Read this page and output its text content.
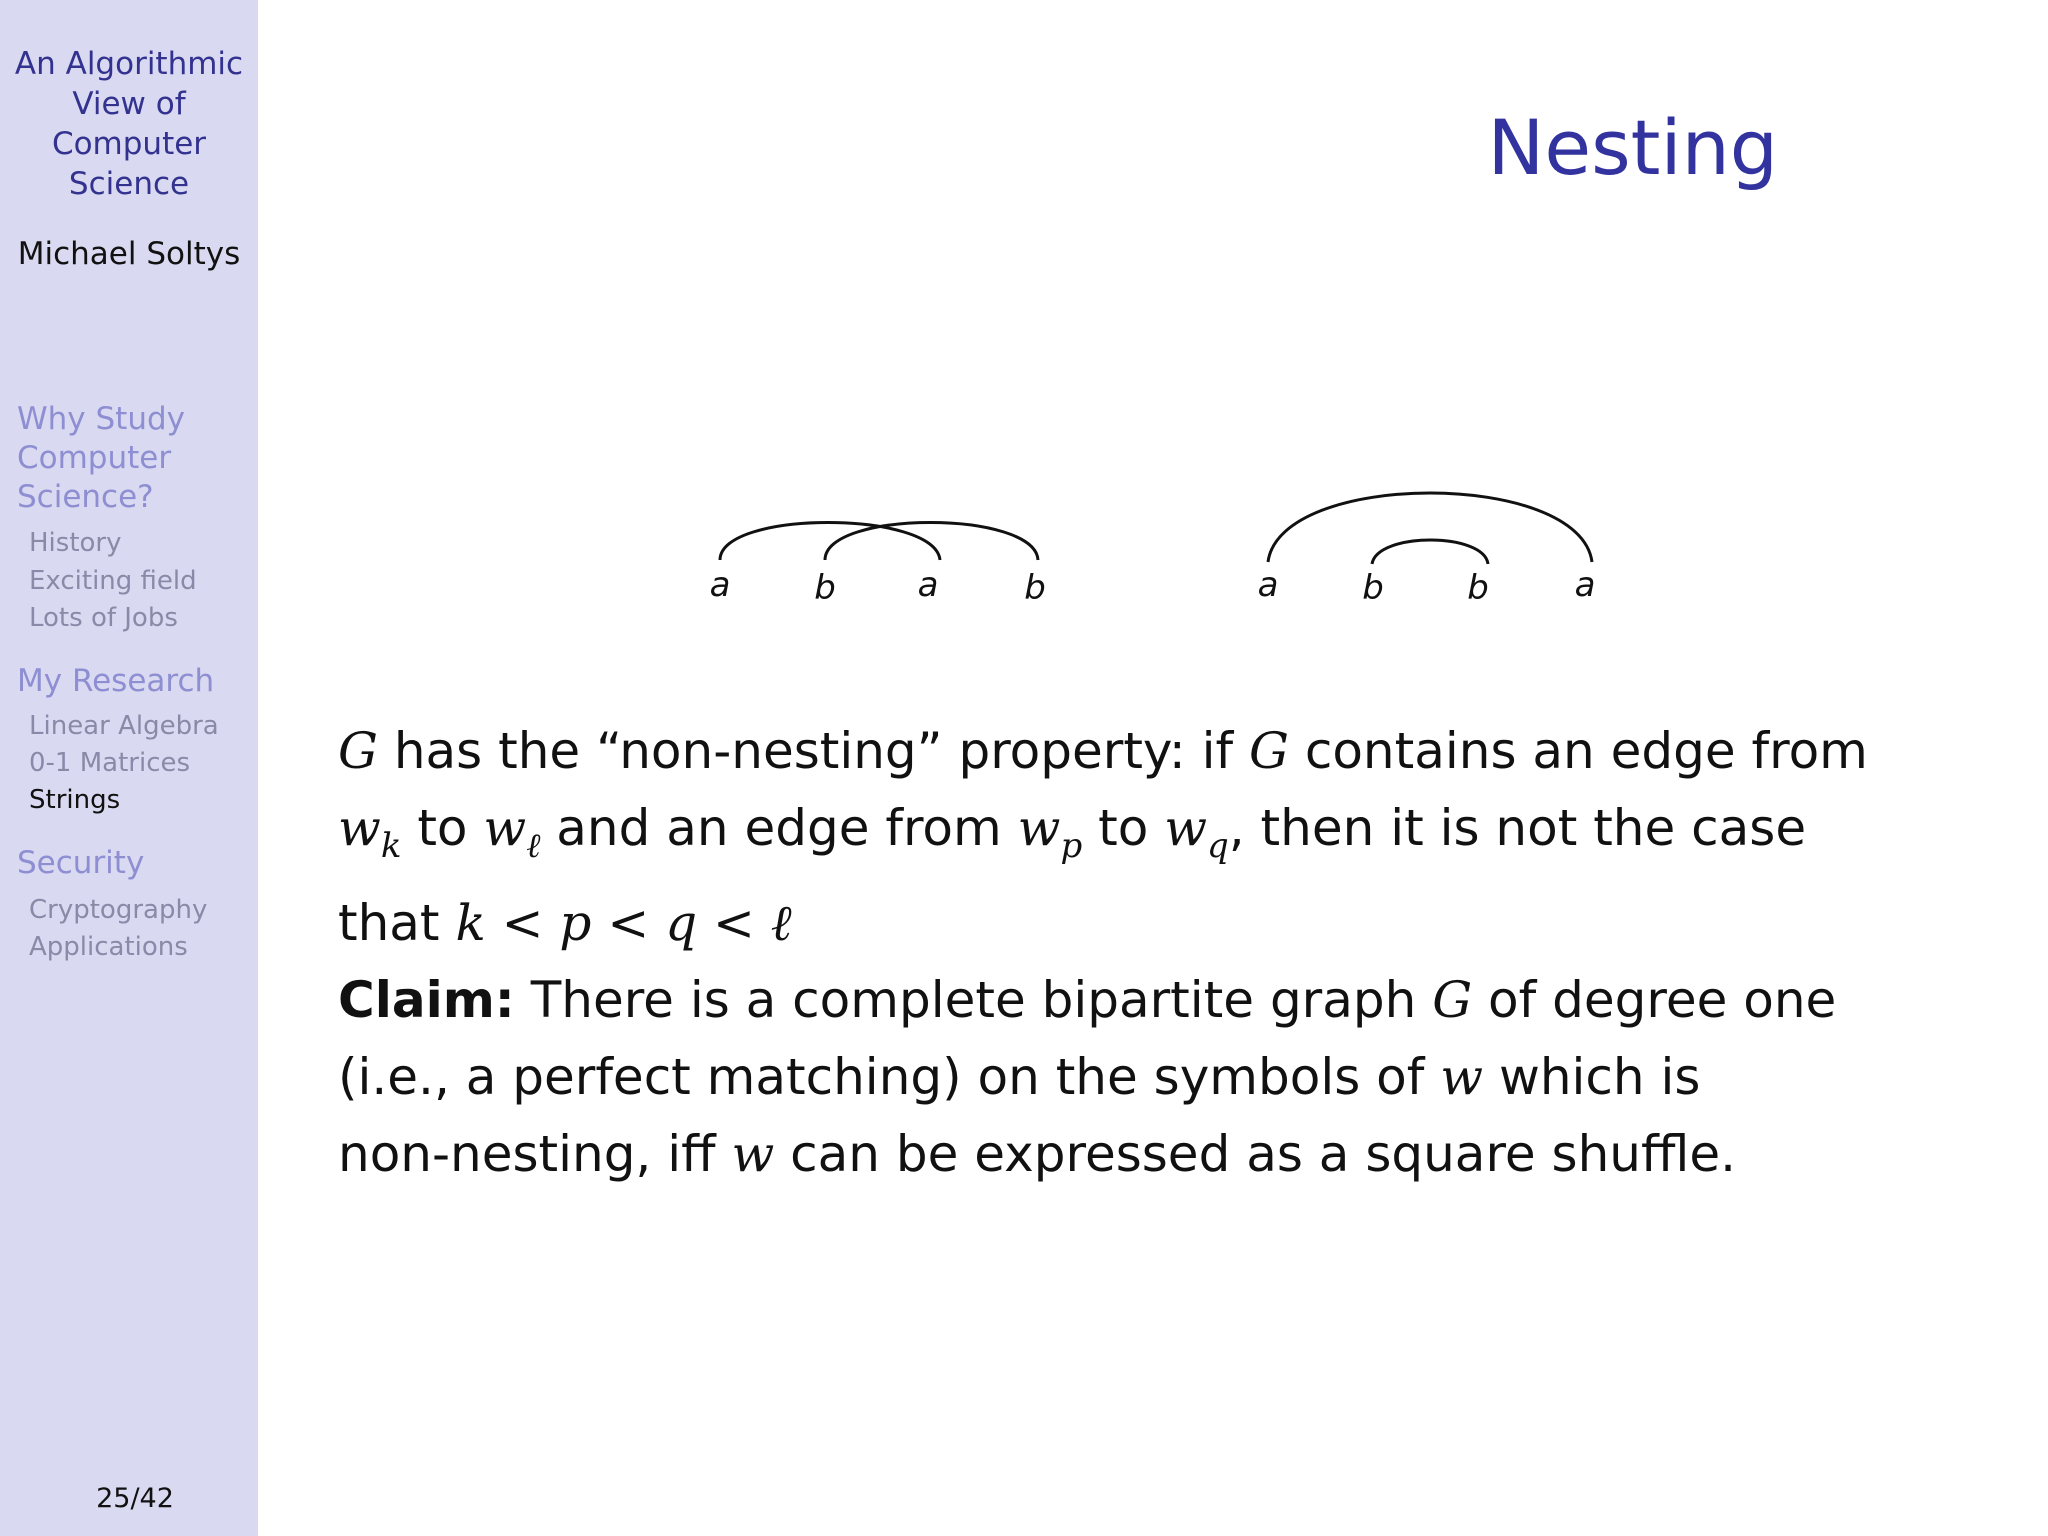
An Algorithmic
View of
Computer
Science
Michael Soltys
Why Study
Computer
Science?
History
Exciting field
Lots of Jobs
My Research
Linear Algebra
0-1 Matrices
Strings
Security
Cryptography
Applications
25/42
Nesting
a b a	b	a b b	a

G has the “non-nesting” property: if G contains an edge from

$w_k$ to $w_\ell$ and an edge from $w_p$ to $w_q$, then it is not the case

that k < p < q < ℓ

Claim: There is a complete bipartite graph G of degree one

(i.e., a perfect matching) on the symbols of w which is

non-nesting, iff w can be expressed as a square shuffle.
